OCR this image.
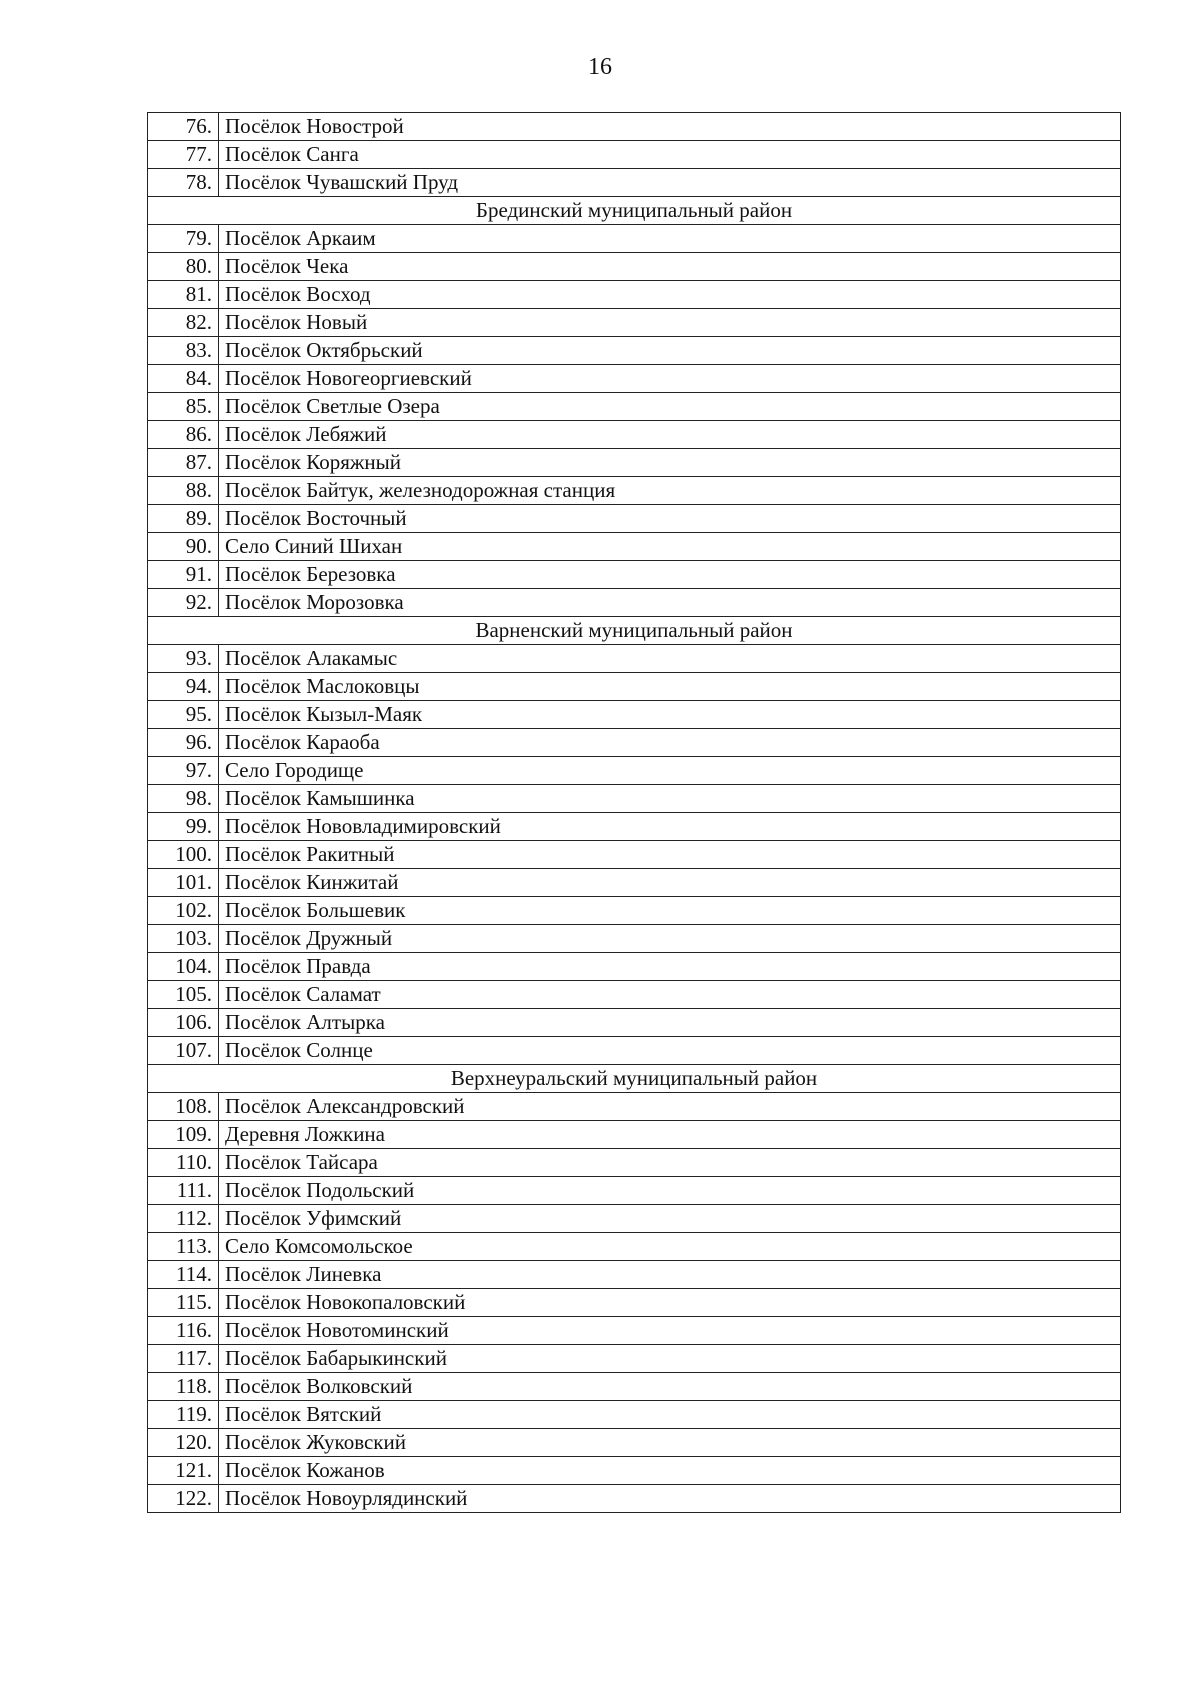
16
76.	Посёлок Новострой
77.	Посёлок Санга
78.	Посёлок Чувашский Пруд
Брединский муниципальный район	
79.	Посёлок Аркаим
80.	Посёлок Чека
81.	Посёлок Восход
82.	Посёлок Новый
83.	Посёлок Октябрьский
84.	Посёлок Новогеоргиевский
85.	Посёлок Светлые Озера
86.	Посёлок Лебяжий
87.	Посёлок Коряжный
88.	Посёлок Байтук, железнодорожная станция
89.	Посёлок Восточный
90.	Село Синий Шихан
91.	Посёлок Березовка
92.	Посёлок Морозовка
Варненский муниципальный район	
93.	Посёлок Алакамыс
94.	Посёлок Маслоковцы
95.	Посёлок Кызыл-Маяк
96.	Посёлок Караоба
97.	Село Городище
98.	Посёлок Камышинка
99.	Посёлок Нововладимировский
100.	Посёлок Ракитный
101.	Посёлок Кинжитай
102.	Посёлок Большевик
103.	Посёлок Дружный
104.	Посёлок Правда
105.	Посёлок Саламат
106.	Посёлок Алтырка
107.	Посёлок Солнце
Верхнеуральский муниципальный район	
108.	Посёлок Александровский
109.	Деревня Ложкина
110.	Посёлок Тайсара
111.	Посёлок Подольский
112.	Посёлок Уфимский
113.	Село Комсомольское
114.	Посёлок Линевка
115.	Посёлок Новокопаловский
116.	Посёлок Новотоминский
117.	Посёлок Бабарыкинский
118.	Посёлок Волковский
119.	Посёлок Вятский
120.	Посёлок Жуковский
121.	Посёлок Кожанов
122.	Посёлок Новоурлядинский
